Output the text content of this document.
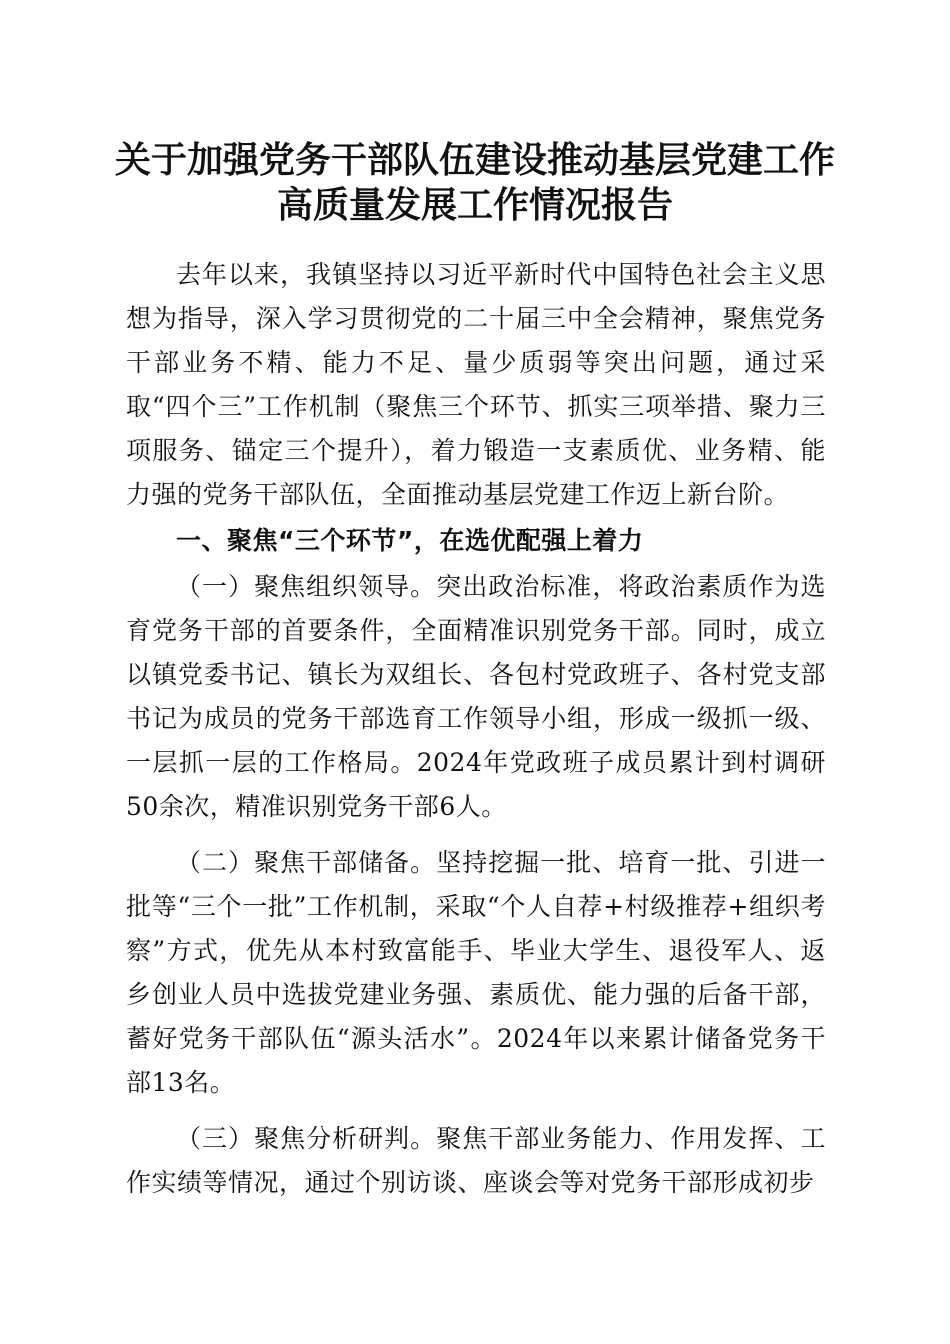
关于加强党务干部队伍建设推动基层党建工作
高质量发展工作情况报告

去年以来，我镇坚持以习近平新时代中国特色社会主义思想为指导，深入学习贯彻党的二十届三中全会精神，聚焦党务干部业务不精、能力不足、量少质弱等突出问题，通过采取“四个三”工作机制（聚焦三个环节、抓实三项举措、聚力三项服务、锚定三个提升），着力锻造一支素质优、业务精、能力强的党务干部队伍，全面推动基层党建工作迈上新台阶。

一、聚焦“三个环节”，在选优配强上着力

（一）聚焦组织领导。突出政治标准，将政治素质作为选育党务干部的首要条件，全面精准识别党务干部。同时，成立以镇党委书记、镇长为双组长、各包村党政班子、各村党支部书记为成员的党务干部选育工作领导小组，形成一级抓一级、一层抓一层的工作格局。2024年党政班子成员累计到村调研50余次，精准识别党务干部6人。

（二）聚焦干部储备。坚持挖掘一批、培育一批、引进一批等“三个一批”工作机制，采取“个人自荐+村级推荐+组织考察”方式，优先从本村致富能手、毕业大学生、退役军人、返乡创业人员中选拔党建业务强、素质优、能力强的后备干部，蓄好党务干部队伍“源头活水”。2024年以来累计储备党务干部13名。

（三）聚焦分析研判。聚焦干部业务能力、作用发挥、工作实绩等情况，通过个别访谈、座谈会等对党务干部形成初步
